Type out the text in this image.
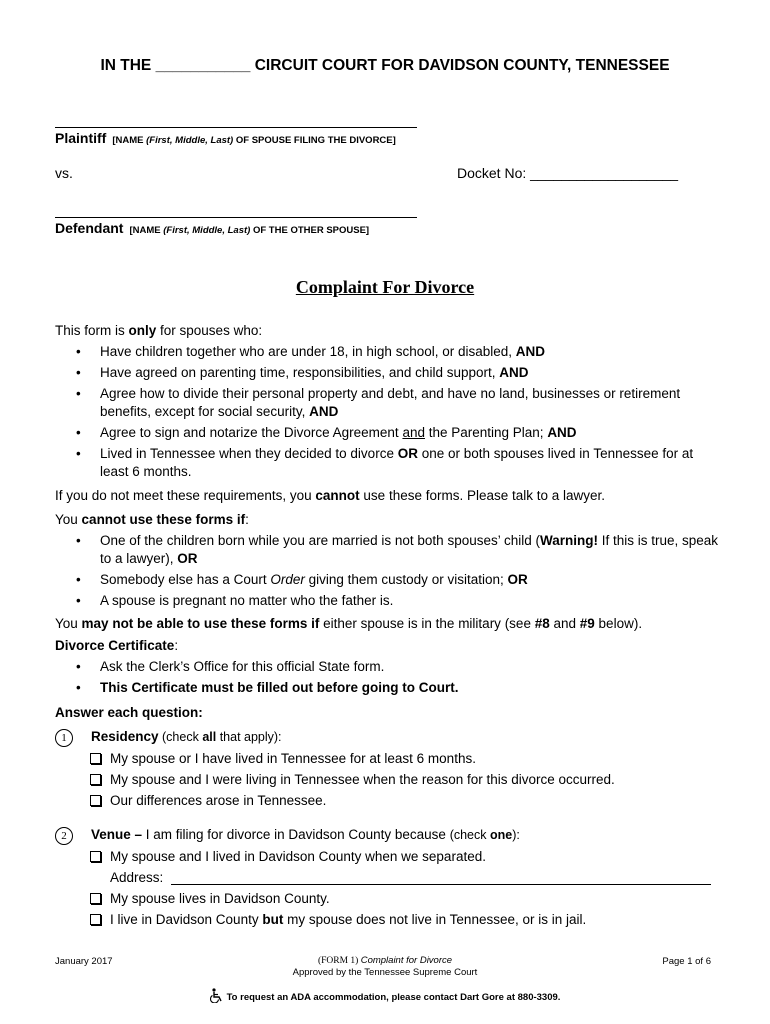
IN THE ___________ CIRCUIT COURT FOR DAVIDSON COUNTY, TENNESSEE
Plaintiff [NAME (First, Middle, Last) OF SPOUSE FILING THE DIVORCE]
vs.	Docket No: ___________________
Defendant [NAME (First, Middle, Last) OF THE OTHER SPOUSE]
Complaint For Divorce
This form is only for spouses who:
• Have children together who are under 18, in high school, or disabled, AND
• Have agreed on parenting time, responsibilities, and child support, AND
• Agree how to divide their personal property and debt, and have no land, businesses or retirement benefits, except for social security, AND
• Agree to sign and notarize the Divorce Agreement and the Parenting Plan; AND
• Lived in Tennessee when they decided to divorce OR one or both spouses lived in Tennessee for at least 6 months.
If you do not meet these requirements, you cannot use these forms. Please talk to a lawyer.
You cannot use these forms if:
• One of the children born while you are married is not both spouses’ child (Warning! If this is true, speak to a lawyer), OR
• Somebody else has a Court Order giving them custody or visitation; OR
• A spouse is pregnant no matter who the father is.
You may not be able to use these forms if either spouse is in the military (see #8 and #9 below).
Divorce Certificate:
• Ask the Clerk’s Office for this official State form.
• This Certificate must be filled out before going to Court.
Answer each question:
1 Residency (check all that apply):
My spouse or I have lived in Tennessee for at least 6 months.
My spouse and I were living in Tennessee when the reason for this divorce occurred.
Our differences arose in Tennessee.
2 Venue – I am filing for divorce in Davidson County because (check one):
My spouse and I lived in Davidson County when we separated.
Address:
My spouse lives in Davidson County.
I live in Davidson County but my spouse does not live in Tennessee, or is in jail.
January 2017	(FORM 1) Complaint for Divorce
Approved by the Tennessee Supreme Court
Page 1 of 6
To request an ADA accommodation, please contact Dart Gore at 880-3309.
